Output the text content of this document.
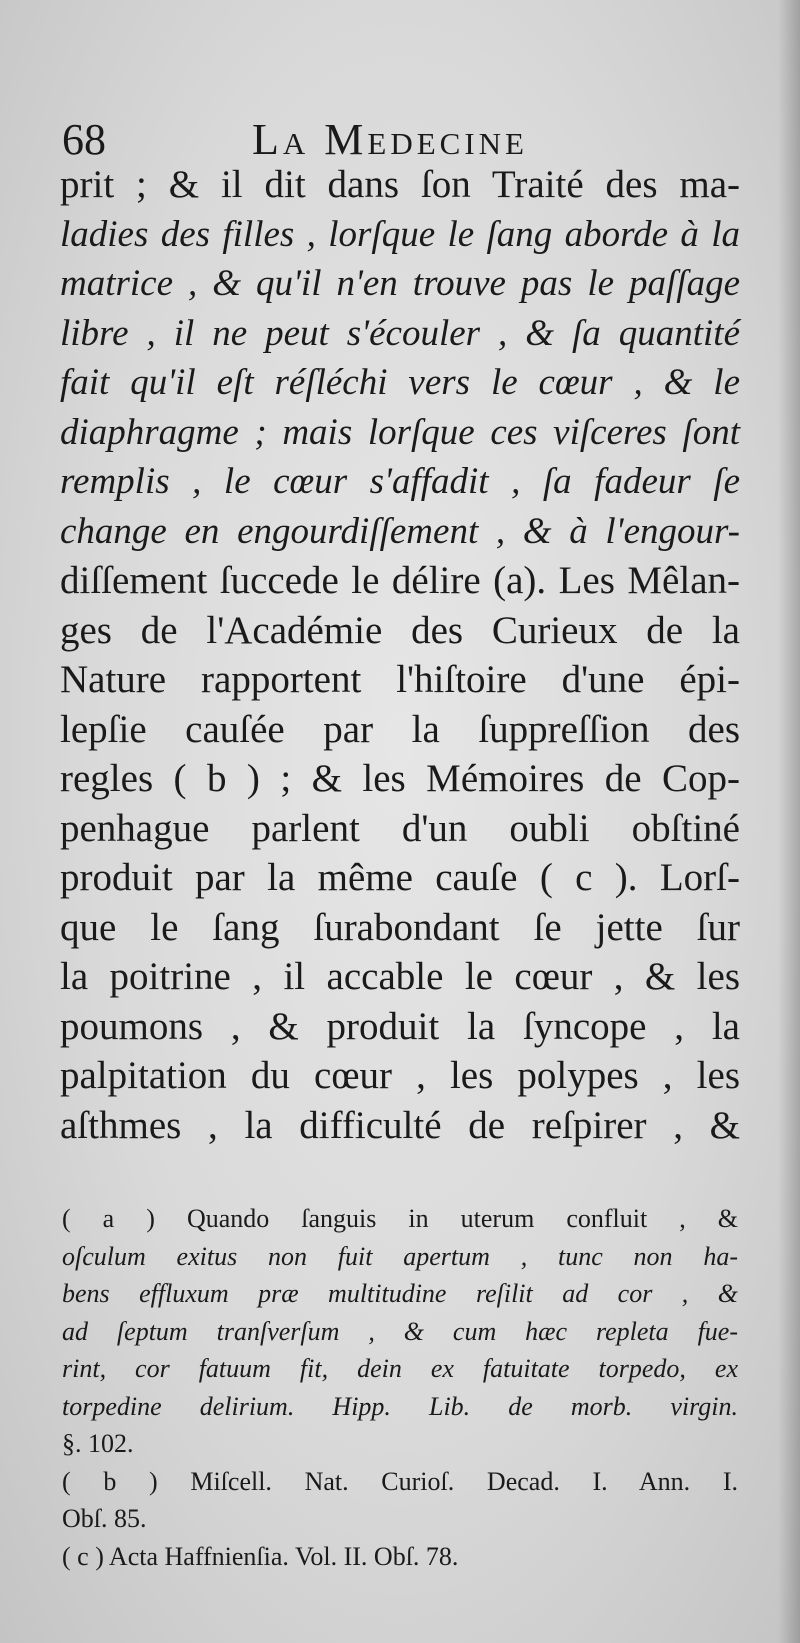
68	La Medecine
prit ; & il dit dans ſon Traité des ma-
ladies des filles , lorſque le ſang aborde à la
matrice , & qu'il n'en trouve pas le paſſage
libre , il ne peut s'écouler , & ſa quantité
fait qu'il eſt réſléchi vers le cœur , & le
diaphragme ; mais lorſque ces viſceres ſont
remplis , le cœur s'affadit , ſa fadeur ſe
change en engourdiſſement , & à l'engour-
diſſement ſuccede le délire (a). Les Mêlan-
ges de l'Académie des Curieux de la
Nature rapportent l'hiſtoire d'une épi-
lepſie cauſée par la ſuppreſſion des
regles ( b ) ; & les Mémoires de Cop-
penhague parlent d'un oubli obſtiné
produit par la même cauſe ( c ). Lorſ-
que le ſang ſurabondant ſe jette ſur
la poitrine , il accable le cœur , & les
poumons , & produit la ſyncope , la
palpitation du cœur , les polypes , les
aſthmes , la difficulté de reſpirer , &
( a ) Quando ſanguis in uterum confluit , &
oſculum exitus non fuit apertum , tunc non ha-
bens effluxum præ multitudine reſilit ad cor , &
ad ſeptum tranſverſum , & cum hæc repleta fue-
rint, cor fatuum fit, dein ex fatuitate torpedo, ex
torpedine delirium. Hipp. Lib. de morb. virgin.
§. 102.
( b ) Miſcell. Nat. Curioſ. Decad. I. Ann. I.
Obſ. 85.
( c ) Acta Haffnienſia. Vol. II. Obſ. 78.
